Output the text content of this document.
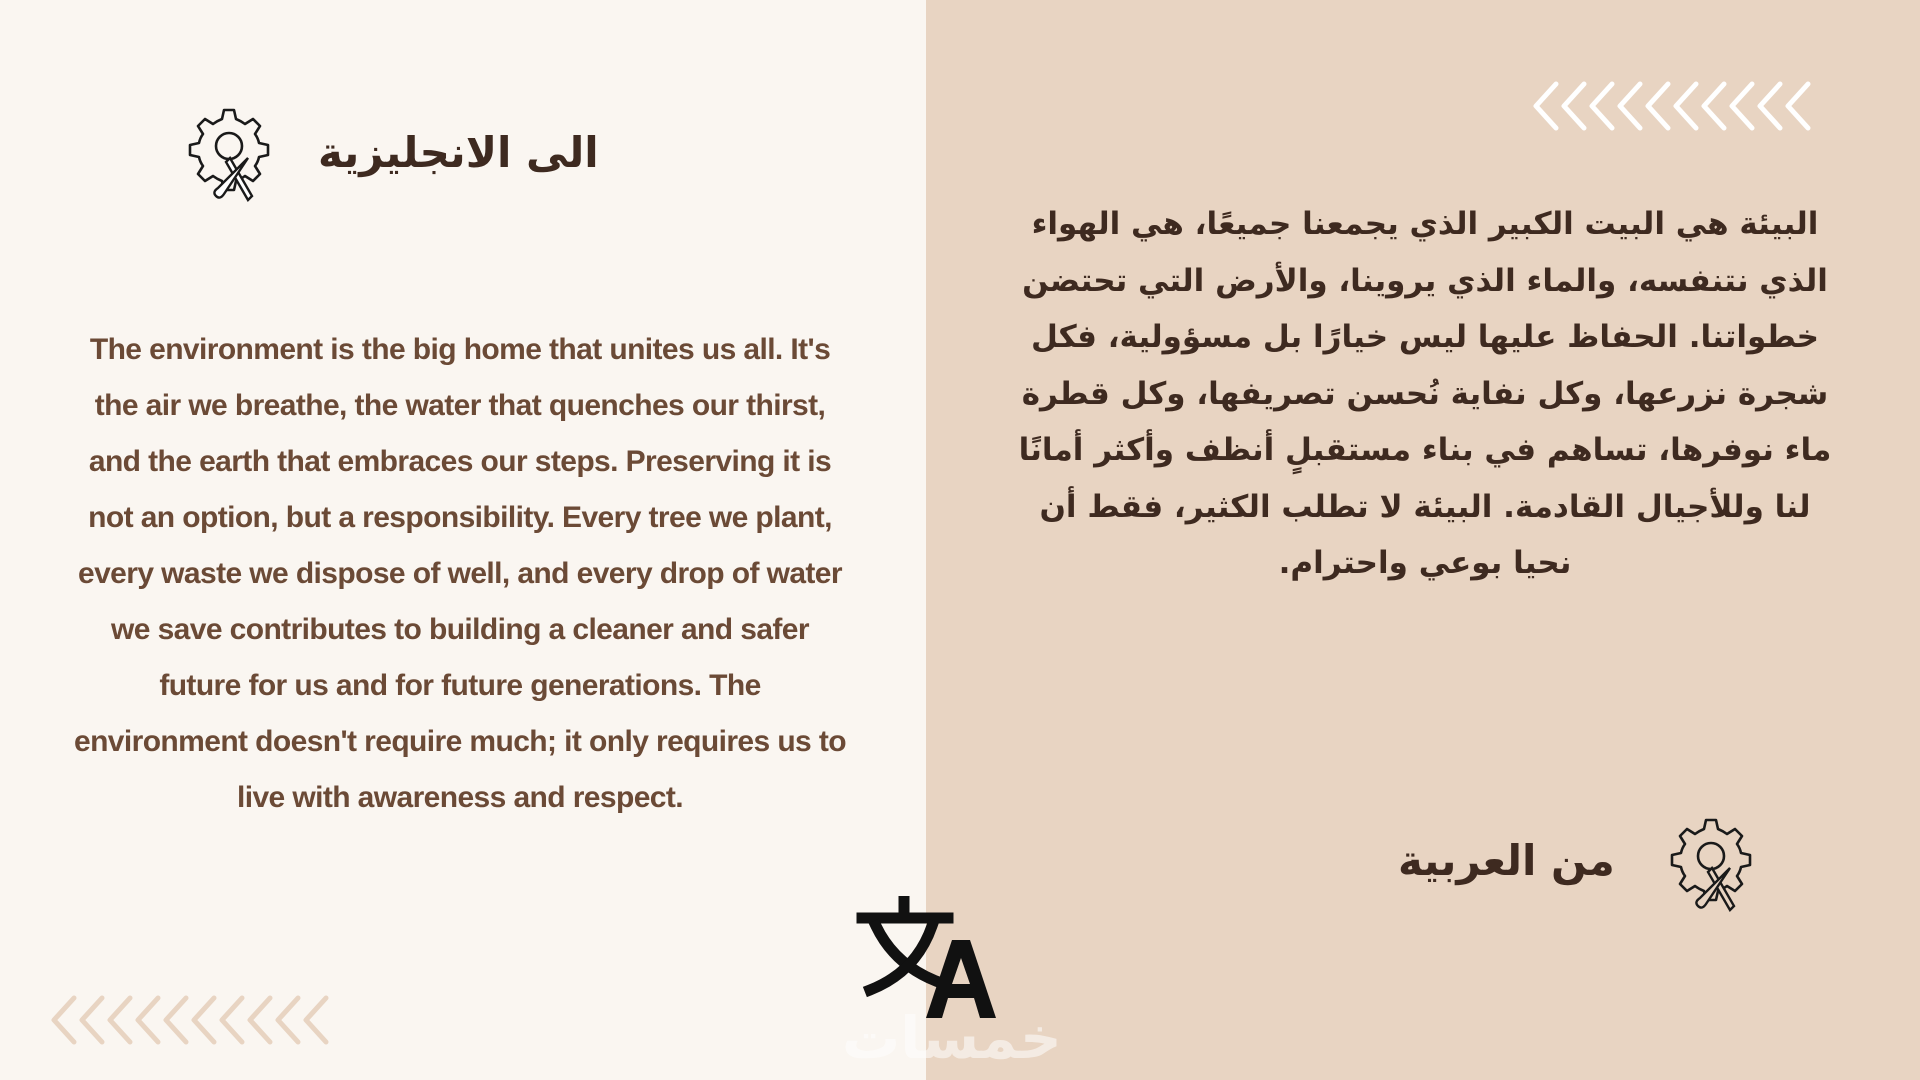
الى الانجليزية
The environment is the big home that unites us all. It's the air we breathe, the water that quenches our thirst, and the earth that embraces our steps. Preserving it is not an option, but a responsibility. Every tree we plant, every waste we dispose of well, and every drop of water we save contributes to building a cleaner and safer future for us and for future generations. The environment doesn't require much; it only requires us to live with awareness and respect.
البيئة هي البيت الكبير الذي يجمعنا جميعًا، هي الهواء الذي نتنفسه، والماء الذي يروينا، والأرض التي تحتضن خطواتنا. الحفاظ عليها ليس خيارًا بل مسؤولية، فكل شجرة نزرعها، وكل نفاية نُحسن تصريفها، وكل قطرة ماء نوفرها، تساهم في بناء مستقبلٍ أنظف وأكثر أمانًا لنا وللأجيال القادمة. البيئة لا تطلب الكثير، فقط أن نحيا بوعي واحترام.
من العربية
خمسات
